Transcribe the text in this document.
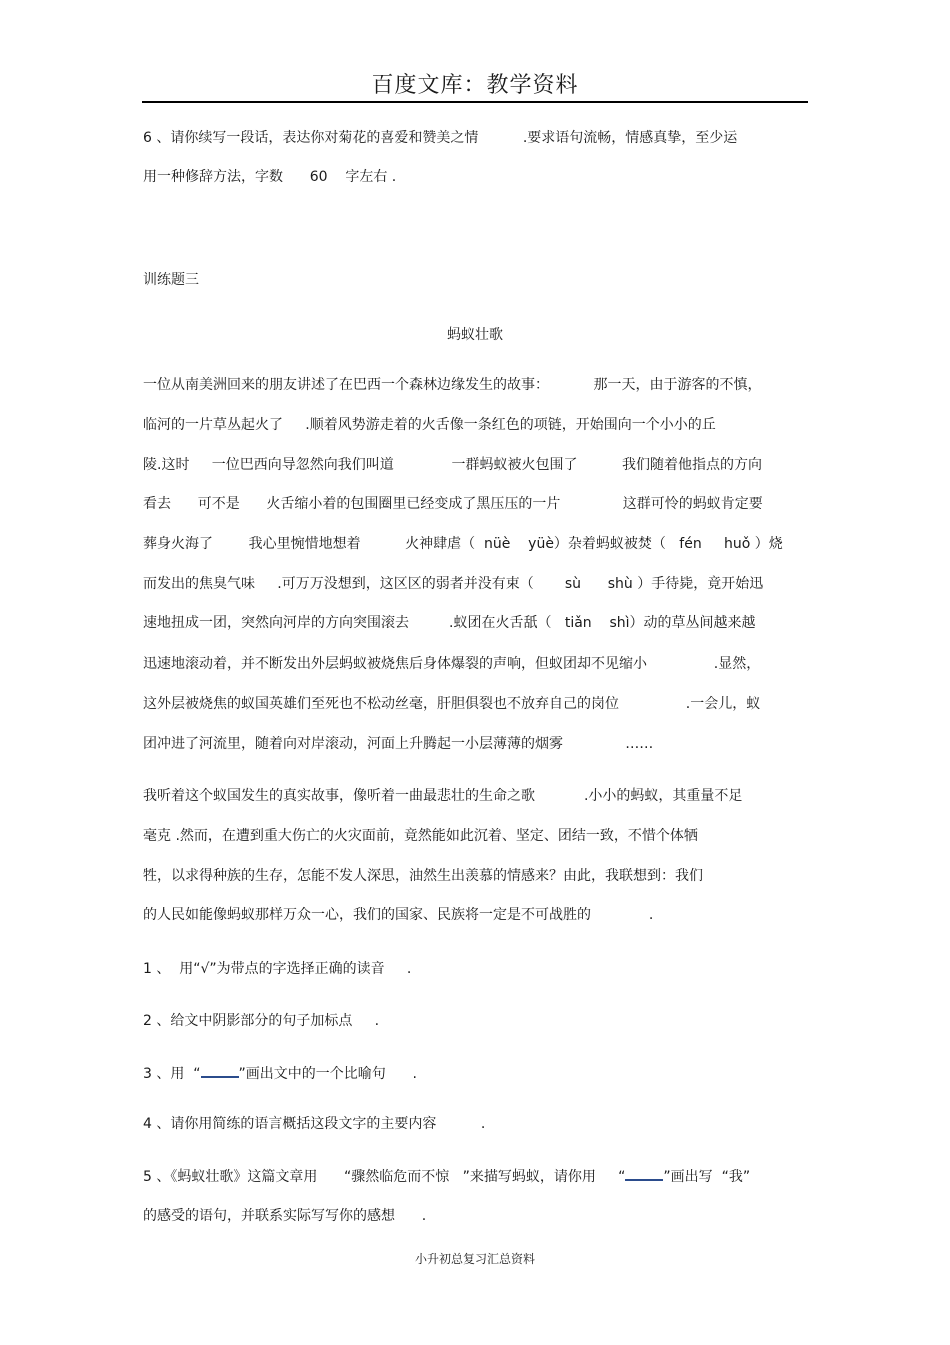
百度文库：教学资料
6 、请你续写一段话，表达你对菊花的喜爱和赞美之情          .要求语句流畅，情感真挚，至少运
用一种修辞方法，字数      60    字左右 .
训练题三
蚂蚁壮歌
一位从南美洲回来的朋友讲述了在巴西一个森林边缘发生的故事：          那一天，由于游客的不慎，
临河的一片草丛起火了     .顺着风势游走着的火舌像一条红色的项链，开始围向一个小小的丘
陵.这时     一位巴西向导忽然向我们叫道             一群蚂蚁被火包围了          我们随着他指点的方向
看去      可不是      火舌缩小着的包围圈里已经变成了黑压压的一片              这群可怜的蚂蚁肯定要
葬身火海了        我心里惋惜地想着          火神肆虐（  nüè    yüè）杂着蚂蚁被焚（   fén     huǒ ）烧
而发出的焦臭气味     .可万万没想到，这区区的弱者并没有束（       sù      shù ）手待毙，竟开始迅
速地扭成一团，突然向河岸的方向突围滚去         .蚁团在火舌舐（   tiǎn    shì）动的草丛间越来越
迅速地滚动着，并不断发出外层蚂蚁被烧焦后身体爆裂的声响，但蚁团却不见缩小               .显然，
这外层被烧焦的蚁国英雄们至死也不松动丝毫，肝胆俱裂也不放弃自己的岗位               .一会儿，蚁
团冲进了河流里，随着向对岸滚动，河面上升腾起一小层薄薄的烟雾              ……
我听着这个蚁国发生的真实故事，像听着一曲最悲壮的生命之歌           .小小的蚂蚁，其重量不足
毫克 .然而，在遭到重大伤亡的火灾面前，竟然能如此沉着、坚定、团结一致，不惜个体牺
牲，以求得种族的生存，怎能不发人深思，油然生出羡慕的情感来？由此，我联想到：我们
的人民如能像蚂蚁那样万众一心，我们的国家、民族将一定是不可战胜的             .
1 、  用“√”为带点的字选择正确的读音     .
2 、给文中阴影部分的句子加标点     .
3 、用  “	”画出文中的一个比喻句      .
4 、请你用简练的语言概括这段文字的主要内容          .
5 、《蚂蚁壮歌》这篇文章用      “骤然临危而不惊   ”来描写蚂蚁，请你用     “	”画出写  “我”
的感受的语句，并联系实际写写你的感想      .
小升初总复习汇总资料
